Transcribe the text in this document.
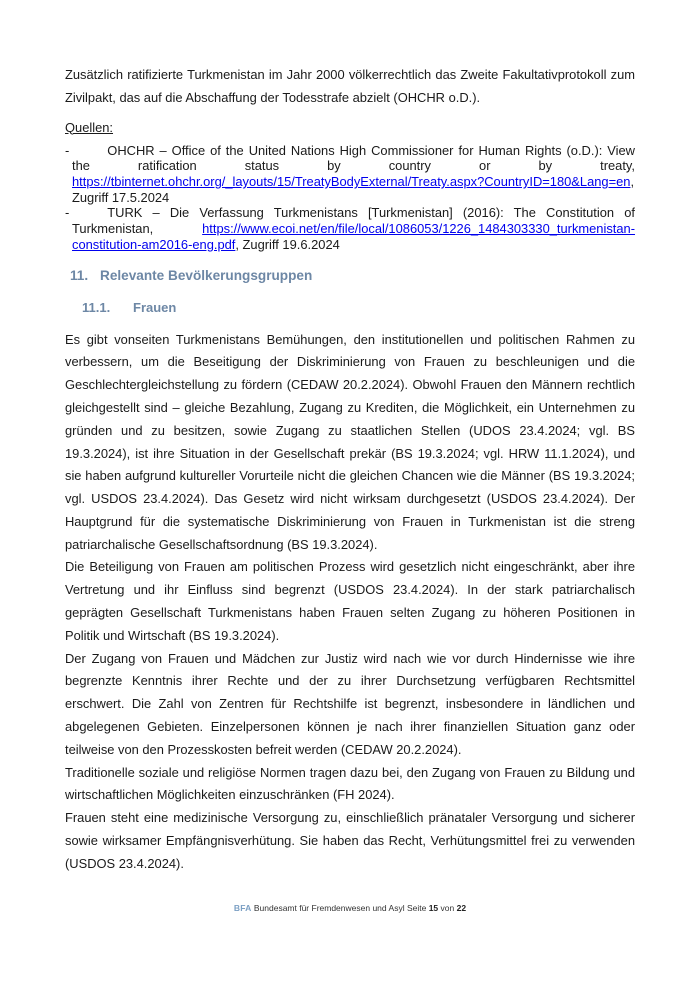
Zusätzlich ratifizierte Turkmenistan im Jahr 2000 völkerrechtlich das Zweite Fakultativprotokoll zum Zivilpakt, das auf die Abschaffung der Todesstrafe abzielt (OHCHR o.D.).

Quellen:

-	OHCHR – Office of the United Nations High Commissioner for Human Rights (o.D.): View the ratification status by country or by treaty, https://tbinternet.ohchr.org/_layouts/15/TreatyBodyExternal/Treaty.aspx?CountryID=180&Lang=en, Zugriff 17.5.2024
-	TURK – Die Verfassung Turkmenistans [Turkmenistan] (2016): The Constitution of Turkmenistan,	https://www.ecoi.net/en/file/local/1086053/1226_1484303330_turkmenistan-constitution-am2016-eng.pdf, Zugriff 19.6.2024
11. Relevante Bevölkerungsgruppen
11.1. Frauen

Es gibt vonseiten Turkmenistans Bemühungen, den institutionellen und politischen Rahmen zu verbessern, um die Beseitigung der Diskriminierung von Frauen zu beschleunigen und die Geschlechtergleichstellung zu fördern (CEDAW 20.2.2024). Obwohl Frauen den Männern rechtlich gleichgestellt sind – gleiche Bezahlung, Zugang zu Krediten, die Möglichkeit, ein Unternehmen zu gründen und zu besitzen, sowie Zugang zu staatlichen Stellen (UDOS 23.4.2024; vgl. BS 19.3.2024), ist ihre Situation in der Gesellschaft prekär (BS 19.3.2024; vgl. HRW 11.1.2024), und sie haben aufgrund kultureller Vorurteile nicht die gleichen Chancen wie die Männer (BS 19.3.2024; vgl. USDOS 23.4.2024). Das Gesetz wird nicht wirksam durchgesetzt (USDOS 23.4.2024). Der Hauptgrund für die systematische Diskriminierung von Frauen in Turkmenistan ist die streng patriarchalische Gesellschaftsordnung (BS 19.3.2024).

Die Beteiligung von Frauen am politischen Prozess wird gesetzlich nicht eingeschränkt, aber ihre Vertretung und ihr Einfluss sind begrenzt (USDOS 23.4.2024). In der stark patriarchalisch geprägten Gesellschaft Turkmenistans haben Frauen selten Zugang zu höheren Positionen in Politik und Wirtschaft (BS 19.3.2024).

Der Zugang von Frauen und Mädchen zur Justiz wird nach wie vor durch Hindernisse wie ihre begrenzte Kenntnis ihrer Rechte und der zu ihrer Durchsetzung verfügbaren Rechtsmittel erschwert. Die Zahl von Zentren für Rechtshilfe ist begrenzt, insbesondere in ländlichen und abgelegenen Gebieten. Einzelpersonen können je nach ihrer finanziellen Situation ganz oder teilweise von den Prozesskosten befreit werden (CEDAW 20.2.2024).

Traditionelle soziale und religiöse Normen tragen dazu bei, den Zugang von Frauen zu Bildung und wirtschaftlichen Möglichkeiten einzuschränken (FH 2024).

Frauen steht eine medizinische Versorgung zu, einschließlich pränataler Versorgung und sicherer sowie wirksamer Empfängnisverhütung. Sie haben das Recht, Verhütungsmittel frei zu verwenden (USDOS 23.4.2024).

BFA Bundesamt für Fremdenwesen und Asyl Seite 15 von 22
